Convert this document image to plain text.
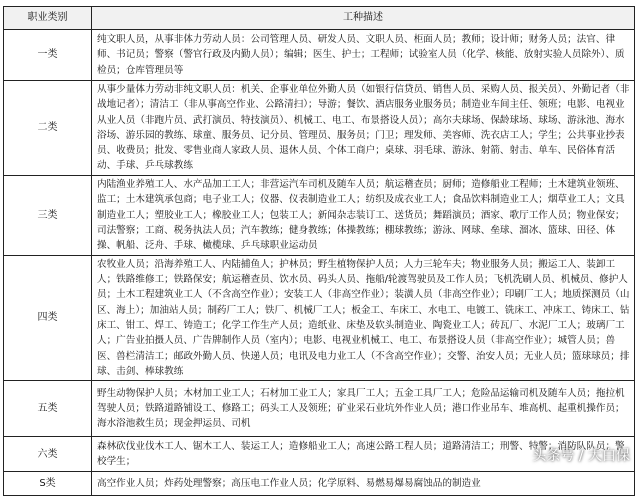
职业类别	工种描述
一类	纯文职人员，从事非体力劳动人员：公司管理人员、研发人员、文职人员、柜面人员；教师；设计师；财务人员；法官、律师、书记员；警察（警官行政及内勤人员）；编辑；医生、护士；工程师；试验室人员（化学、核能、放射实验人员除外）、质检员；仓库管理员等
二类	从事少量体力劳动非纯文职人员：机关、企事业单位外勤人员（如银行信贷员、销售人员、采购人员、报关员）、外勤记者（非战地记者）；清洁工（非从事高空作业、公路清扫）；导游；餐饮、酒店服务业服务员；制造业车间主任、领班；电影、电视业从业人员（非跑片员、武打演员、特技演员）、机械工、电工、布景搭设人员）；高尔夫球场、保龄球场、球场、游泳池、海水浴场、游乐园的教练、球童、服务员、记分员、管理员、服务员；门卫；理发师、美容师、洗衣店工人；学生；公共事业抄表员、收费员；批发、零售业商人家政人员、退休人员、个体工商户；桌球、羽毛球、游泳、射箭、射击、单车、民俗体育活动、手球、乒乓球教练
三类	内陆渔业养殖工人、水产品加工工人；非营运汽车司机及随车人员；航运稽查员；厨师；造修船业工程师；土木建筑业领班、监工；土木建筑承包商；电子业工人；仪器、仪表制造业工人；纺织及成衣业工人；食品饮料制造业工人；烟草业工人；文具制造业工人；塑胶业工人；橡胶业工人；包装工人；新闻杂志装订工、送货员；舞蹈演员；酒家、歌厅工作人员；物业保安；司法警察；工商、税务执法人员；汽车教练；健身教练；体操教练；棚球教练；游泳、网球、垒球、溜冰、篮球、田径、体操、帆船、泛舟、手球、橄榄球、乒乓球职业运动员
四类	农牧业人员；沿海养殖工人、内陆捕鱼人；护林员；野生植物保护人员；人力三轮车夫；物业服务人员；搬运工人、装卸工人；铁路维修工；铁路保安；航运稽查员、饮水员、码头人员、拖船/轮渡驾驶员及工作人员；飞机洗刷人员、机械员、修护人员；土木工程建筑业工人（不含高空作业）；安装工人（非高空作业）；装潢人员（非高空作业）；印刷厂工人；地质探测员（山区、海上）；加油站人员；制药厂工人；铁厂、机械厂工人；板金工、车床工、水电工、电镀工、铣床工、冲床工、铸床工、钻床工、钳工、焊工、铸造工；化学工作生产人员；造纸业、床垫及软头制造业、陶瓷业工人；砖瓦厂、水泥厂工人；玻璃厂工人；广告业拍摄人员、广告牌制作人员（室内）；电影、电视业机械工、电工、布景搭设人员（非高空作业）；城管人员；兽医、兽栏清洁工；邮政外勤人员、快递人员；电讯及电力业工人（不含高空作业）；交警、治安人员；无业人员；篮球球员；排球、击剑、棒球教练
五类	野生动物保护人员；木材加工业工人；石材加工业工人；家具厂工人；五金工具厂工人；危险品运输司机及随车人员；拖拉机驾驶人员；铁路道路铺设工、修路工；码头工人及领班；矿业采石业坑外作业人员；港口作业吊车、堆高机、起重机操作员；海水浴池救生员；现金押运员、司机
六类	森林砍伐业伐木工人、锯木工人、装运工人；造修船业工人；高速公路工程人员；道路清洁工；刑警、特警；消防队队员；警校学生；
S类	高空作业人员；炸药处理警察；高压电工作业人员；化学原料、易燃易爆易腐蚀品的制造业
头条号 / 大白保
